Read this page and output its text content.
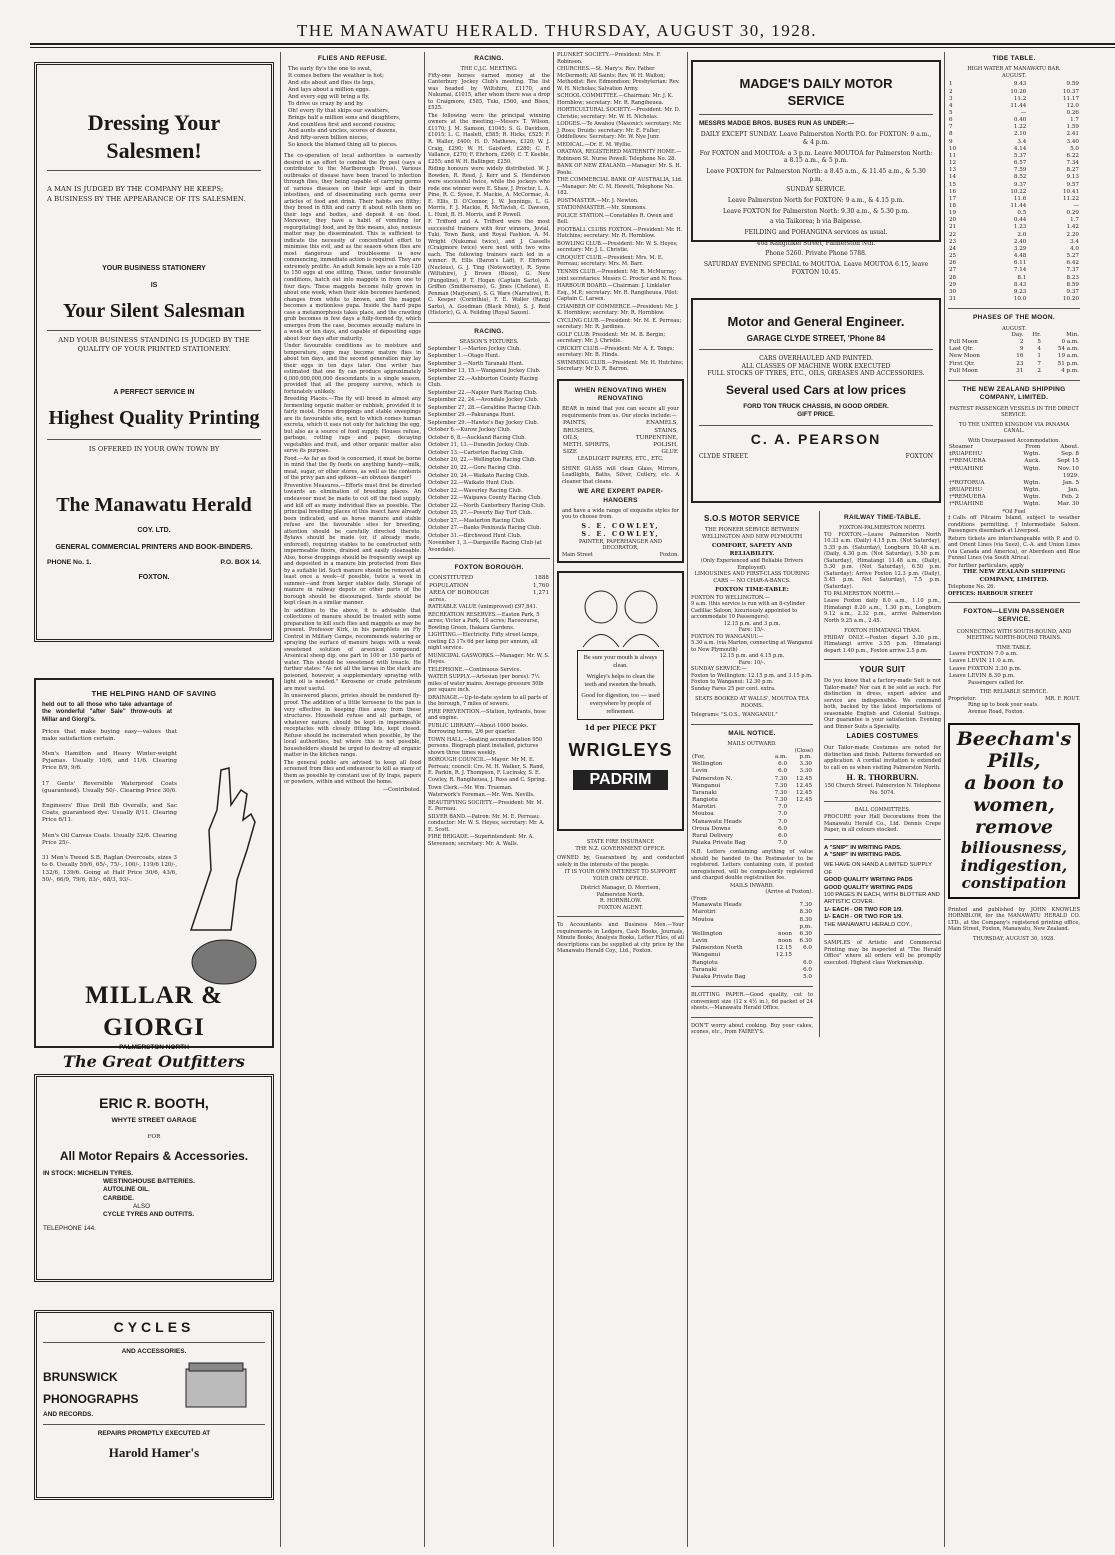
THE MANAWATU HERALD. THURSDAY, AUGUST 30, 1928.
Dressing Your Salesmen!

A MAN IS JUDGED BY THE COMPANY HE KEEPS;

A BUSINESS BY THE APPEARANCE OF ITS SALESMEN.

YOUR BUSINESS STATIONERY
IS
Your Silent Salesman

AND YOUR BUSINESS STANDING IS JUDGED BY THE QUALITY OF YOUR PRINTED STATIONERY.

A PERFECT SERVICE IN
Highest Quality Printing
IS OFFERED IN YOUR OWN TOWN BY
The Manawatu Herald
COY. LTD.
GENERAL COMMERCIAL PRINTERS AND BOOK-BINDERS.
PHONE No. 1.	P.O. BOX 14.
FOXTON.
THE HELPING HAND OF SAVING

held out to all those who take advantage of the wonderful "after Sale" throw-outs at Millar and Giorgi's.

Prices that make buying easy—values that make satisfaction certain.

Men's Hamilton and Heavy Winter-weight Pyjamas. Usually 10/6, and 11/6. Clearing Price 8/9, 9/6.

17 Gents' Reversible Waterproof Coats (guaranteed). Usually 50/-. Clearing Price 30/6.

Engineers' Blue Drill Bib Overalls, and Sac Coats, guaranteed dye. Usually 8/11. Clearing Price 6/11.

Men's Oil Canvas Coats. Usually 32/6. Clearing Price 25/-.

31 Men's Tweed S.B. Raglan Overcoats, sizes 3 to 6. Usually 59/6, 65/-, 75/-, 100/-, 119/6 120/-, 132/6, 139/6. Going at Half Price 30/6, 43/6, 50/-, 66/9, 79/6, 83/-, 68/3, 93/-.

MILLAR & GIORGI
PALMERSTON NORTH
The Great Outfitters
ERIC R. BOOTH,
WHYTE STREET GARAGE
FOR
All Motor Repairs & Accessories.
IN STOCK: MICHELIN TYRES.
WESTINGHOUSE BATTERIES.
AUTOLINE OIL.
CARBIDE.
ALSO
CYCLE TYRES AND OUTFITS.
TELEPHONE 144.
CYCLES
AND ACCESSORIES.
BRUNSWICK
PHONOGRAPHS
AND RECORDS.
REPAIRS PROMPTLY EXECUTED AT
Harold Hamer's
FLIES AND REFUSE.
The early fly's the one to swat,
It comes before the weather is hot;
And sits about and flies its legs,
And lays about a million eggs.
And every egg will bring a fly,
To drive us crazy by and by.
Oh! every fly that skips our swatters,
Brings half a million sons and daughters,
And countless first and second cousins;
And aunts and uncles, scores of dozens,
And fifty-seven billion nieces,
So knock the blamed thing all to pieces.

The co-operation of local authorities is earnestly desired in an effort to combat the fly pest (says a contributor to the Marlborough Press). Various outbreaks of disease have been traced to infection through flies, they being capable of carrying germs of various diseases on their legs and in their intestines, and of disseminating such germs over articles of food and drink. Their habits are filthy; they breed in filth and carry it about with them on their legs and bodies, and deposit it on food. Moreover, they have a habit of vomiting (or regurgitating) food, and by this means, also, noxious matter may be disseminated. This is sufficient to indicate the necessity of concentrated effort to minimise this evil, and as the season when flies are most dangerous and troublesome is now commencing, immediate action is required. They are extremely prolific. An adult female lays as a rule 120 to 150 eggs at one sitting. These, under favourable conditions, hatch out into maggots in from one to four days. These maggots become fully grown in about one week, when their skin becomes hardened, changes from white to brown, and the maggot becomes a motionless pupa. Inside the hard pupa case a metamorphosis takes place, and the crawling grub becomes in few days a fully-formed fly, which emerges from the case, becomes sexually mature in a week or ten days, and capable of depositing eggs about four days after maturity.

Under favourable conditions as to moisture and temperature, eggs may become mature flies in about ten days, and the second generation may lay their eggs in ten days later. One writer has estimated that one fly can produce approximately 6,000,000,000,000 descendants in a single season, provided that all the progeny survive, which is fortunately unlikely.

Breeding Places.—The fly will breed in almost any fermenting organic matter or rubbish, provided it is fairly moist. Horse droppings and stable sweepings are its favourable site, next to which comes human excreta, which it uses not only for hatching the egg, but also as a source of food supply. Houses refuse, garbage, rotting rags and paper, decaying vegetables and fruit, and other organic matter also serve its purpose.

Food.—As far as food is concerned, it must be borne in mind that the fly feeds on anything handy—milk, meat, sugar, or other stores, as well as the contents of the privy pan and spitoon—an obvious danger!

Preventive Measures.—Efforts must first be directed towards an elimination of breeding places. An endeavour must be made to cut off the food supply, and kill off as many individual flies as possible. The principal breeding places of this insect have already been indicated, and as horse manure and stable refuse are the favourable sites for breeding, attention should be carefully directed thereto. Bylaws should be made (or, if already made, enforced), requiring stables to be constructed with impermeable floors, drained and easily cleansable. Also, horse droppings should be frequently swept up and deposited in a manure bin protected from flies by a suitable lid. Such manure should be removed at least once a week—if possible, twice a week in summer—and from larger stables daily. Storage of manure in railway depots or other parts of the borough should be discouraged. Yards should be kept clean in a similar manner.

In addition to the above, it is advisable that collections of manure should be treated with some preparation to kill such flies and maggots as may be present. Professor Kirk, in his pamphlets on Fly Control in Military Camps, recommends watering or spraying the surface of manure heaps with a weak sweetened solution of arsenical compound. Arsenical sheep dip, one part in 100 or 150 parts of water. This should be sweetened with treacle. He further states: "As not all the larvae in the stack are poisoned, however, a supplementary spraying with light oil is needed." Kerosene or crude petroleum are most useful.

In unsewered places, privies should be rendered fly-proof. The addition of a little kerosene to the pan is very effective in keeping flies away from these structures. Household refuse and all garbage, of whatever nature, should be kept in impermeable receptacles with closely fitting lids, kept closed. Refuse should be incinerated when possible, by the local authorities, but where this is not possible, householders should be urged to destroy all organic matter in the kitchen range.

The general public are advised to keep all food screened from flies and endeavour to kill as many of them as possible by constant use of fly traps, papers or powders, within and without the home.

—Contributed.
RACING.
THE C.J.C. MEETING.

Fifty-one horses earned money at the Canterbury Jockey Club's meeting. The list was headed by Wiltshire, £1170, and Nukumai, £1015, after whom there was a drop to Craigmore, £585, Tuki, £560, and Bisox, £525.

The following were the principal winning owners at the meeting:—Messrs T. Wilson, £1170; J. M. Samson, £1045; S. G. Davidson, £1015; L. C. Haslett, £585; R. Hicks, £525; F. R. Waller, £400; H. D. Mathews, £320; W. J. Craig, £290; W. H. Gaisford, £280; C. F. Vallance, £270; F. Ehrhorn, £260; C. T. Keeble, £255; and W. H. Ballinger, £250.

Riding honours were widely distributed. W. J. Bowden, R. Reed, J. Kerr and S. Henderson were successful twice, while the jockeys who rode one winner were E. Shaw, J. Procter, L. A. Pine, R. C. Sysoe, E. Mackie, A. McCormac, A. E. Ellis, D. O'Connor, J. W. Jennings, L. G. Morris, F. J. Mackie, R. McTavish, C. Dawson, L. Hunt, B. H. Morris, and P. Powell.

F. Trifford and A. Trifford were the most successful trainers with four winners, Jovial, Tuki, Town Bank, and Royal Fashion. A. M. Wright (Nukumai twice), and J. Cassells (Craigmore twice) were next with two wins each. The following trainers each led in a winner: R. Ellis (Baron's Lad), F. Ehrhorn (Nucleus), G. J. Ting (Noteworthy), R. Syme (Wiltshire), J. Brown (Bisox), G. New (Pungoline), P. T. Hogan (Captain Sarto), A. Griffen (Smithereens), G. Jines (Chelone), E. Penman (Marjoram), S. G. Ware (Narrative), R. C. Keeper (Corinthia), F. E. Waller (Rangi Sarto), A. Goodman (Black Mint), S. J. Reid (Historic), G. A. Feilding (Royal Saxon).

RACING.
SEASON'S FIXTURES.
September 1.—Marton Jockey Club.
September 1.—Otago Hunt.
September 3.—North Taranaki Hunt.
September 13, 15.—Wanganui Jockey Club.
September 22.—Ashburton County Racing Club.
September 22.—Napier Park Racing Club.
September 22, 24.—Avondale Jockey Club.
September 27, 28.—Geraldine Racing Club.
September 29.—Pakuranga Hunt.
September 29.—Hawke's Bay Jockey Club.
October 6.—Kurow Jockey Club.
October 6, 8.—Auckland Racing Club.
October 11, 13.—Dunedin Jockey Club.
October 13.—Carterton Racing Club.
October 20, 22.—Wellington Racing Club.
October 20, 22.—Gore Racing Club.
October 20, 24.—Waikato Racing Club.
October 22.—Waikato Hunt Club.
October 22.—Waverley Racing Club.
October 22.—Waipawa County Racing Club.
October 22.—North Canterbury Racing Club.
October 25, 27.—Poverty Bay Turf Club.
October 27.—Masterton Racing Club.
October 27.—Banks Peninsula Racing Club.
October 31.—Birchwood Hunt Club.
November 1, 3.—Dargaville Racing Club (at Avondale).
FOXTON BOROUGH.
CONSTITUTED	1888
POPULATION	1,760
AREA OF BOROUGH	1,271
acres.	
RATEABLE VALUE (unimproved) £97,841.
RECREATION RESERVES.—Easton Park, 5 acres; Victor a Park, 10 acres; Racecourse, Bowling Green, Ihakara Gardens.
LIGHTING.—Electricity. Fifty street lamps, costing £3 17s 6d per lamp per annum, all night service.
MUNICIPAL GASWORKS.—Manager: Mr. W. S. Heyes.
TELEPHONE.—Continuous Service.
WATER SUPPLY.—Artesian (per bores). 7½ miles of water mains. Average pressure 50lb per square inch.
DRAINAGE.—Up-to-date system to all parts of the borough, 7 miles of sewers.
FIRE PREVENTION.—Station, hydrants, hose and engine.
PUBLIC LIBRARY.—About 1000 books. Borrowing terms, 2/6 per quarter.
TOWN HALL.—Seating accommodation 950 persons. Biograph plant installed, pictures shown three times weekly.
BOROUGH COUNCIL.—Mayor: Mr M. E. Perreau; council: Crs. M. H. Walker, S. Rand, E. Parkin, R. J. Thompson, F. Lucinsky, S. E. Cowley, R. Rangiheuea, J. Ross and C. Spring.
Town Clerk.—Mr. Wm. Trueman.
Waterwork's Foreman.—Mr. Wm. Nevills.
BEAUTIFYING SOCIETY.—President: Mr. M. E. Perreau.
SILVER BAND.—Patron: Mr. M. E. Perreau; conductor: Mr. W. S. Heyes; secretary: Mr. A. E. Scott.
FIRE BRIGADE.—Superintendent: Mr. A. Stevenson; secretary: Mr. A. Walls.
PLUNKET SOCIETY.—President: Mrs. F. Robinson.
CHURCHES.—St. Mary's: Rev. Father McDermott; All Saints: Rev. W. H. Walton; Methodist: Rev. Edmondson; Presbyterian: Rev. W. H. Nicholas; Salvation Army.
SCHOOL COMMITTEE.—Chairman: Mr. J. K. Hornblow; secretary: Mr. R. Rangiheuea.
HORTICULTURAL SOCIETY.—President: Mr. D. Christie; secretary: Mr. W. H. Nicholas.
LODGES.—Te Awahou (Masonic): secretary: Mr. J. Ross; Druids: secretary: Mr. E. Fuller; Oddfellows: Secretary: Mr. W. Nye Junr.
MEDICAL.—Dr. E. M. Wyllie.
ORATAVA, REGISTERED MATERNITY HOME.—Robinson St. Nurse Powell. Telephone No. 28.
BANK OF NEW ZEALAND.—Manager: Mr. S. H. Poole.
THE COMMERCIAL BANK OF AUSTRALIA, Ltd.—Manager: Mr. C. M. Hewett, Telephone No. 182.
POSTMASTER.—Mr. J. Newton.
STATIONMASTER.—Mr. Simmons.
POLICE STATION.—Constables R. Owen and Bell.
FOOTBALL CLUBS FOXTON.—President: Mr. H. Hutchins; secretary: Mr. R. Hornblow.
BOWLING CLUB.—President: Mr. W. S. Heyes; secretary: Mr. J. L. Christie.
CROQUET CLUB.—President: Mrs. M. E. Perreau; secretary: Mrs. M. Barr.
TENNIS CLUB.—President: Mr. R. McMurray; joint secretaries: Messrs C. Procter and N. Ross.
HARBOUR BOARD.—Chairman: J. Linklater Esq., M.P.; secretary: Mr. R. Rangiheuea. Pilot: Captain C. Larsen.
CHAMBER OF COMMERCE.—President: Mr. J. K. Hornblow; secretary: Mr. R. Hornblow.
CYCLING CLUB.—President: Mr. M. E. Perreau; secretary: Mr. R. Jardines.
GOLF CLUB: President: Mr. M. B. Bergin; secretary: Mr. J. Christie.
CRICKET CLUB.—President: Mr. A. E. Tongs; secretary: Mr. B. Hinds.
SWIMMING CLUB.—President: Mr. H. Hutchins; Secretary: Mr D. R. Barron.
WHEN RENOVATING WHEN RENOVATING

BEAR in mind that you can secure all your requirements from us. Our stocks include:—

PAINTS,	ENAMELS,
BRUSHES,	STAINS,
OILS,	TURPENTINE,
METH. SPIRITS,	POLISH,
SIZE	GLUE
LEADLIGHT PAPERS, ETC., ETC.

SHINE GLASS will clean Glass, Mirrors, Leadlights, Baths, Silver, Cutlery, etc. A cleaner that cleans.

WE ARE EXPERT PAPER-HANGERS

and have a wide range of exquisite styles for you to choose from.

S. E. COWLEY,
S. E. COWLEY,
PAINTER, PAPERHANGER AND DECORATOR,
Main Street	Foxton.
Be sure your mouth is always clean.
Wrigley's helps to clean the teeth and sweeten the breath.
Good for digestion, too — used everywhere by people of refinement.
1d per PIECE PKT
WRIGLEYS
PADRIM
STATE FIRE INSURANCE
THE N.Z. GOVERNMENT OFFICE.

OWNED by, Guaranteed by, and conducted solely in the interests of the people.

IT IS YOUR OWN INTEREST TO SUPPORT YOUR OWN OFFICE.
District Manager, D. Morrison,
Palmerston North.
R. HORNBLOW.
FOXTON AGENT.

To Accountants and Business Men.—Your requirements in Ledgers, Cash Books, Journals, Minute Books, Analysis Books, Letter Files, of all descriptions can be supplied at city price by the Manawatu Herald Coy., Ltd., Foxton.

MADGE'S DAILY MOTOR
SERVICE
MESSRS MADGE BROS. BUSES RUN AS UNDER:—
DAILY EXCEPT SUNDAY. Leave Palmerston North P.O. for FOXTON: 9 a.m., & 4 p.m.
For FOXTON and MOUTOA: a 3 p.m. Leave MOUTOA for Palmerston North: a 8.15 a.m., & 5 p.m.
Leave FOXTON for Palmerston North: a 8.45 a.m., & 11.45 a.m., & 5.30 p.m.
SUNDAY SERVICE.
Leave Palmerston North for FOXTON: 9 a.m., & 4.15 p.m.
Leave FOXTON for Palmerston North: 9.30 a.m., & 5.30 p.m.
a via Taikorea; b via Baipesse.
FEILDING and POHANGINA services as usual.
40a Rangitikei Street, Palmerston Nth.
Phone 5260. Private Phone 5788.
SATURDAY EVENING SPECIAL to MOUTOA. Leave MOUTOA 6.15, leave FOXTON 10.45.
Motor and General Engineer.
GARAGE CLYDE STREET, 'Phone 84
CARS OVERHAULED AND PAINTED.
ALL CLASSES OF MACHINE WORK EXECUTED
FULL STOCKS OF TYRES, ETC., OILS, GREASES AND ACCESSORIES.
Several used Cars at low prices
FORD TON TRUCK CHASSIS, IN GOOD ORDER.
GIFT PRICE.
C. A. PEARSON
CLYDE STREET.	FOXTON
S.O.S MOTOR SERVICE
THE PIONEER SERVICE BETWEEN WELLINGTON AND NEW PLYMOUTH
COMFORT, SAFETY AND RELIABILITY.
(Only Experienced and Reliable Drivers Employed).
LIMOUSINES AND FIRST-CLASS TOURING CARS — NO CHAR-A-BANCS.
FOXTON TIME-TABLE:
FOXTON TO WELLINGTON.—
9 a.m. (this service is run with an 8-cylinder Cadillac Saloon, luxuriously appointed to accommodate 10 Passengers).
12.15 p.m. and 3 p.m.
Fare: 15/-.
FOXTON TO WANGANUI:—
5.30 a.m. (via Marton, connecting at Wanganui to New Plymouth)
12.15 p.m. and 4.15 p.m.
Fare: 10/-.
SUNDAY SERVICE:—
Foxton to Wellington: 12.15 p.m. and 3.15 p.m.
Foxton to Wanganui: 12.30 p.m.
Sunday Fares 25 per cent. extra.
SEATS BOOKED AT WALLS', MOUTOA TEA ROOMS.
Telegrams: "S.O.S., WANGANUI."
MAIL NOTICE.
MAILS OUTWARD.
(Close)
(For,	a.m.	p.m.
Wellington	6.0	3.30
Levin	6.0	3.30
Palmerston N.	7.30	12.45
Wanganui	7.30	12.45
Taranaki	7.30	12.45
Rangiotu	7.30	12.45
Marotiri	7.0	
Moutoa	7.0	
Manawatu Heads	7.0	
Oroua Downs	6.0	
Rural Delivery	6.0	
Paiaka Private Bag	7.0	

N.B. Letters containing anything of value should be handed to the Postmaster to be registered. Letters containing coin, if posted unregistered, will be compulsorily registered and charged double registration fee.

MAILS INWARD.
(Arrive at Foxton).
(From
Manawatu Heads		7.30
Marotiri		8.30
Moutoa		8.30
		p.m.
Wellington	noon	6.30
Levin	noon	6.30
Palmerston North	12.15	6.0
Wanganui	12.15	
Rangiotu		6.0
Taranaki		6.0
Paiaka Private Bag		5.0

BLOTTING PAPER.—Good quality, cut to convenient size (12 x 4½ in.), 6d packet of 24 sheets.—Manawatu Herald Office.

DON'T worry about cooking. Buy your cakes, scones, etc., from FAIREY'S.

RAILWAY TIME-TABLE.
FOXTON-PALMERSTON NORTH.

TO FOXTON.—Leave Palmerston North 10.33 a.m. (Daily) 4.15 p.m. (Not Saturday), 5.35 p.m. (Saturday), Longburn 10.48 a.m. (Daily, 4.30 p.m. (Not Saturday), 5.50 p.m. (Saturday), Himatangi 11.48 a.m. (Daily), 5.30 p.m. (Not Saturday), 6.50 p.m. (Saturday); Arrive Foxton 12.3 p.m. (Daily), 5.45 p.m. Not Saturday), 7.5 p.m. (Saturday).

TO PALMERSTON NORTH.—

Leave Foxton daily 8.0 a.m., 1.10 p.m., Himatangi 8.20 a.m., 1.30 p.m., Longburn 9.12 a.m., 2.32 p.m., arrive Palmerston North 9.25 a.m., 2.45.

FOXTON HIMATANGI TRAM.

FRIDAY ONLY.—Foxton depart 3.30 p.m., Himatangi arrive 3.55 p.m. Himatangi depart 1.40 p.m., Foxton arrive 2.5 p.m.

YOUR SUIT

Do you know that a factory-made Suit is not Tailor-made? Nor can it be sold as such. For distinction in dress, expert advice and service are indispensible. We command both, backed by the latest importations of seasonable English and Colonial Suitings. Our guarantee is your satisfaction. Evening and Dinner Suits a Speciality.

LADIES COSTUMES

Our Tailor-made Costumes are noted for distinction and finish. Patterns forwarded on application. A cordial invitation is extended to call on us when visiting Palmerston North.

H. R. THORBURN.
150 Church Street. Palmerston N. Telephone No. 5074.
BALL COMMITTEES.

PROCURE your Hall Decorations from the Manawatu Herald Co., Ltd. Dennis Crepe Paper, in all colours stocked.

A "SNIP" IN WRITING PADS.
A "SNIP" IN WRITING PADS.
WE HAVE ON HAND A LIMITED SUPPLY OF
GOOD QUALITY WRITING PADS
GOOD QUALITY WRITING PADS
100 PAGES IN EACH, WITH BLOTTER AND ARTISTIC COVER.
1/- EACH - OR TWO FOR 1/9.
1/- EACH - OR TWO FOR 1/9.
THE MANAWATU HERALD COY.,

SAMPLES of Artistic and Commercial Printing may be inspected at "The Herald Office" where all orders will be promptly executed. Highest class Workmanship.

TIDE TABLE.
HIGH WATER AT MANAWATU BAR.
AUGUST.
1	9.43	9.59
2	10.26	10.37
3	11.2	11.17
4	11.44	12.0
5	—	0.26
6	0.40	1.7
7	1.22	1.59
8	2.10	2.41
9	3.4	3.40
10	4.14	5.0
11	5.37	6.22
12	6.57	7.34
13	7.59	8.27
14	8.52	9.13
15	9.37	9.57
16	10.22	10.41
17	11.6	11.22
18	11.44	—
19	0.5	0.29
20	0.44	1.7
21	1.23	1.42
22	2.0	2.20
23	2.40	3.4
24	3.29	4.0
25	4.48	5.27
26	6.11	6.42
27	7.14	7.37
28	8.1	8.23
29	8.43	8.59
30	9.23	9.37
31	10.0	10.20
PHASES OF THE MOON.
AUGUST.
	Day.	Hr.	Min.
Full Moon	2	5	0 a.m.
Last Qtr.	9	4	54 a.m.
New Moon	16	1	19 a.m.
First Qtr.	23	7	51 p.m.
Full Moon	31	2	4 p.m.
THE NEW ZEALAND SHIPPING COMPANY, LIMITED.
FASTEST PASSENGER VESSELS IN THE DIRECT SERVICE.
TO THE UNITED KINGDOM VIA PANAMA CANAL.
With Unsurpassed Accommodation.
Steamer	From	About.
‡RUAPEHU	Wgtn.	Sep. 8
†*REMUERA	Auck.	Sept 15
†*RUAHINE	Wgtn.	Nov. 10
		1929.
†*ROTORUA	Wgtn.	Jan. 5
‡RUAPEHU	Wgtn.	Jan.
†*REMUERA	Wgtn.	Feb. 2
†*RUAHINE	Wgtn.	Mar. 30
*Oil Fuel

‡Calls off Pitcairn Island, subject to weather conditions permitting. †Intermediate Saloon. Passengers disembark at Liverpool.

Return tickets are interchangeable with P. and O. and Orient Lines (via Suez), C.-A. and Union Lines (via Canada and America), or Aberdeen and Blue Funnel Lines (via South Africa).

For further particulars, apply
THE NEW ZEALAND SHIPPING COMPANY, LIMITED.
Telephone No. 26.
OFFICES: HARBOUR STREET
FOXTON—LEVIN PASSENGER SERVICE.
CONNECTING WITH SOUTH-BOUND, AND MEETING NORTH-BOUND TRAINS.
TIME TABLE.
Leave FOXTON 7.0 a.m.
Leave LEVIN 11.0 a.m.
Leave FOXTON 3.30 p.m.
Leave LEVIN 8.30 p.m.
Passengers called for.
THE RELIABLE SERVICE.
Proprietor:	MR. F. ROUT.
Ring up to book your seats.
Avenue Road, Foxton.
Beecham's
Pills,
a boon to
women,
remove
biliousness,
indigestion,
constipation

Printed and published by JOHN KNOWLES HORNBLOW, for the MANAWATU HERALD CO. LTD., at the Company's registered printing office, Main Street, Foxton, Manawatu, New Zealand.

THURSDAY, AUGUST 30, 1928.
